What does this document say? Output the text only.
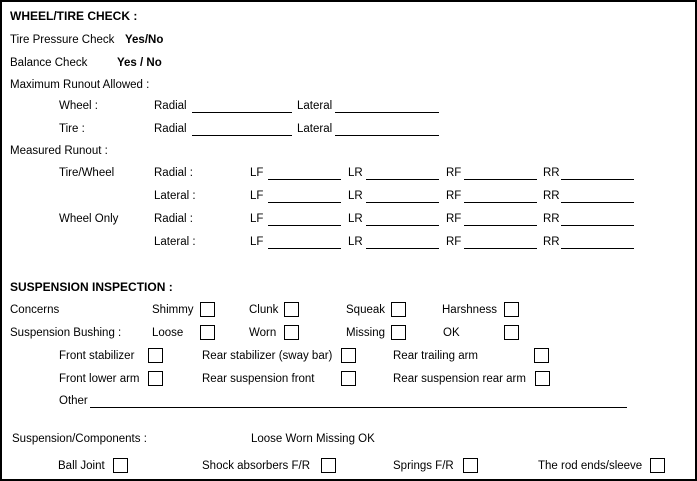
WHEEL/TIRE CHECK :
Tire Pressure Check Yes/No
Balance Check	Yes / No
Maximum Runout Allowed :
Wheel :	Radial	Lateral
Tire :	Radial	Lateral
Measured Runout :
Tire/Wheel	Radial :	LF	LR	RF	RR
Lateral :	LF	LR	RF	RR
Wheel Only	Radial :	LF	LR	RF	RR
Lateral :	LF	LR	RF	RR
SUSPENSION INSPECTION :
Concerns	Shimmy	Clunk	Squeak	Harshness
Suspension Bushing :	Loose	Worn	Missing	OK
Front stabilizer	Rear stabilizer (sway bar)	Rear trailing arm
Front lower arm	Rear suspension front	Rear suspension rear arm
Other
Suspension/Components :	Loose Worn Missing OK
Ball Joint	Shock absorbers F/R	Springs F/R	The rod ends/sleeve
